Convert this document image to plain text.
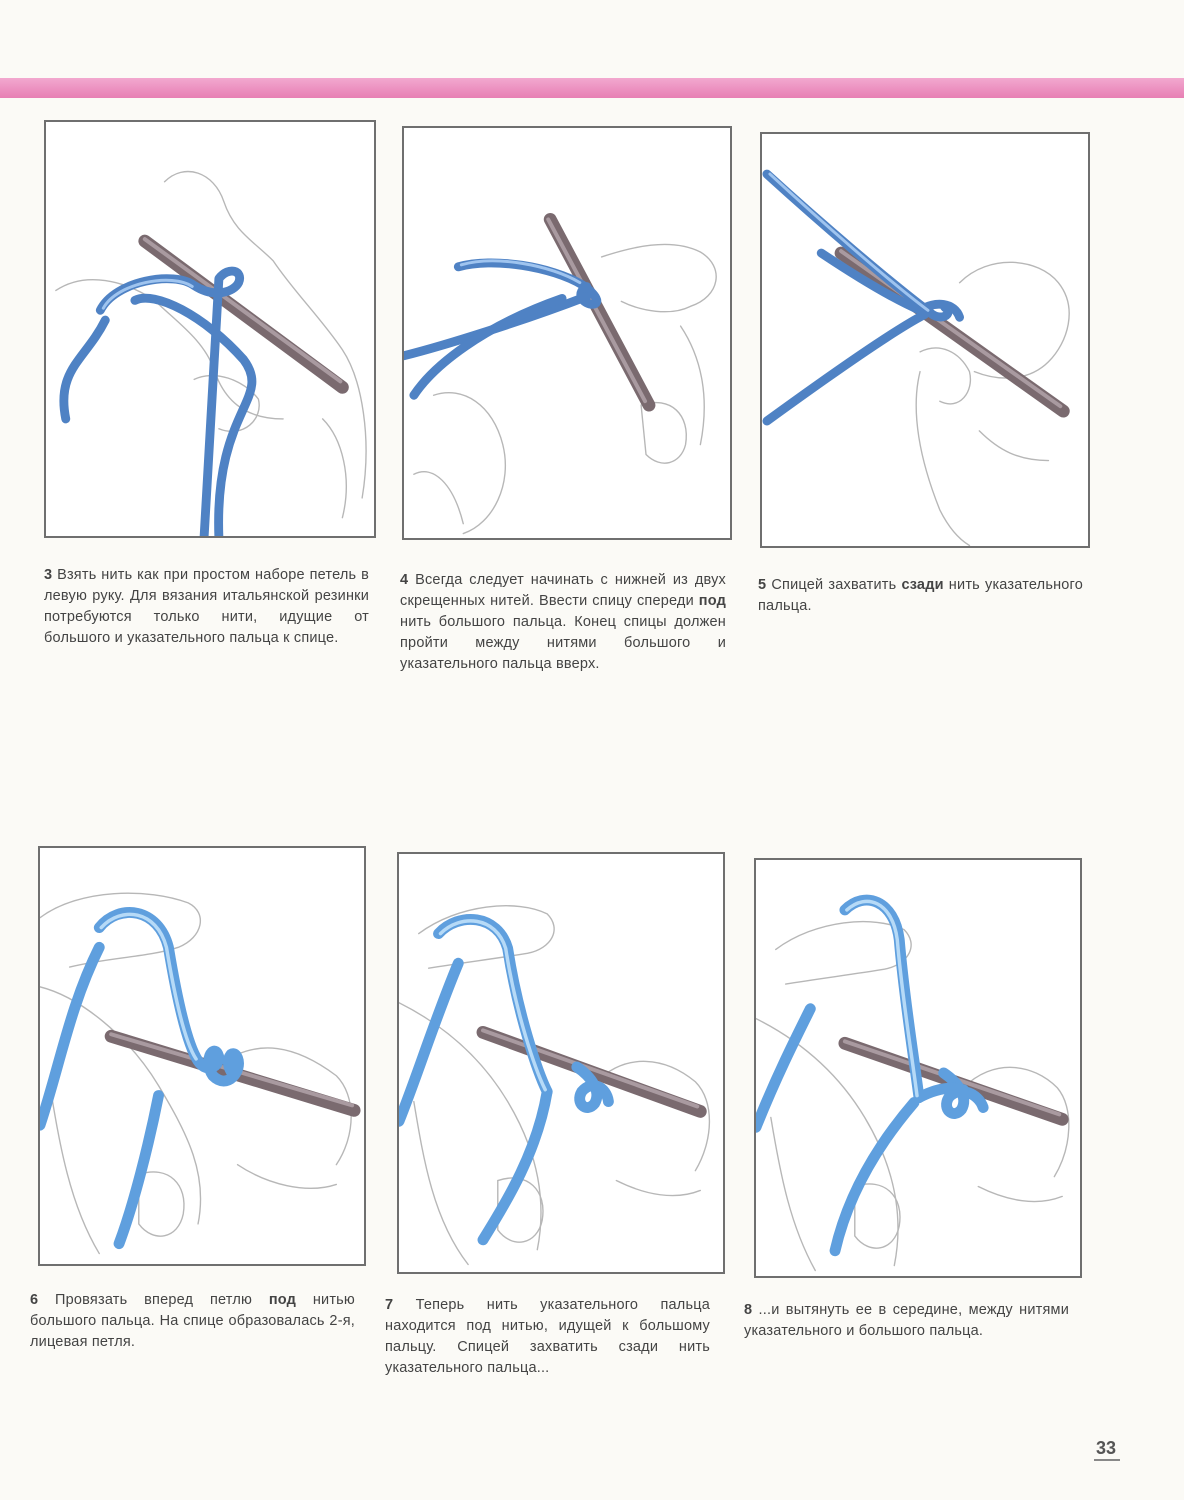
3 Взять нить как при простом наборе петель в левую руку. Для вязания итальянской резинки потребуются только нити, идущие от большого и указательного пальца к спице.
4 Всегда следует начинать с нижней из двух скрещенных нитей. Ввести спицу спереди под нить большого пальца. Конец спицы должен пройти между нитями большого и указательного пальца вверх.
5 Спицей захватить сзади нить указательного пальца.
6 Провязать вперед петлю под нитью большого пальца. На спице образовалась 2-я, лицевая петля.
7 Теперь нить указательного пальца находится под нитью, идущей к большому пальцу. Спицей захватить сзади нить указательного пальца...
8 ...и вытянуть ее в середине, между нитями указательного и большого пальца.
33
